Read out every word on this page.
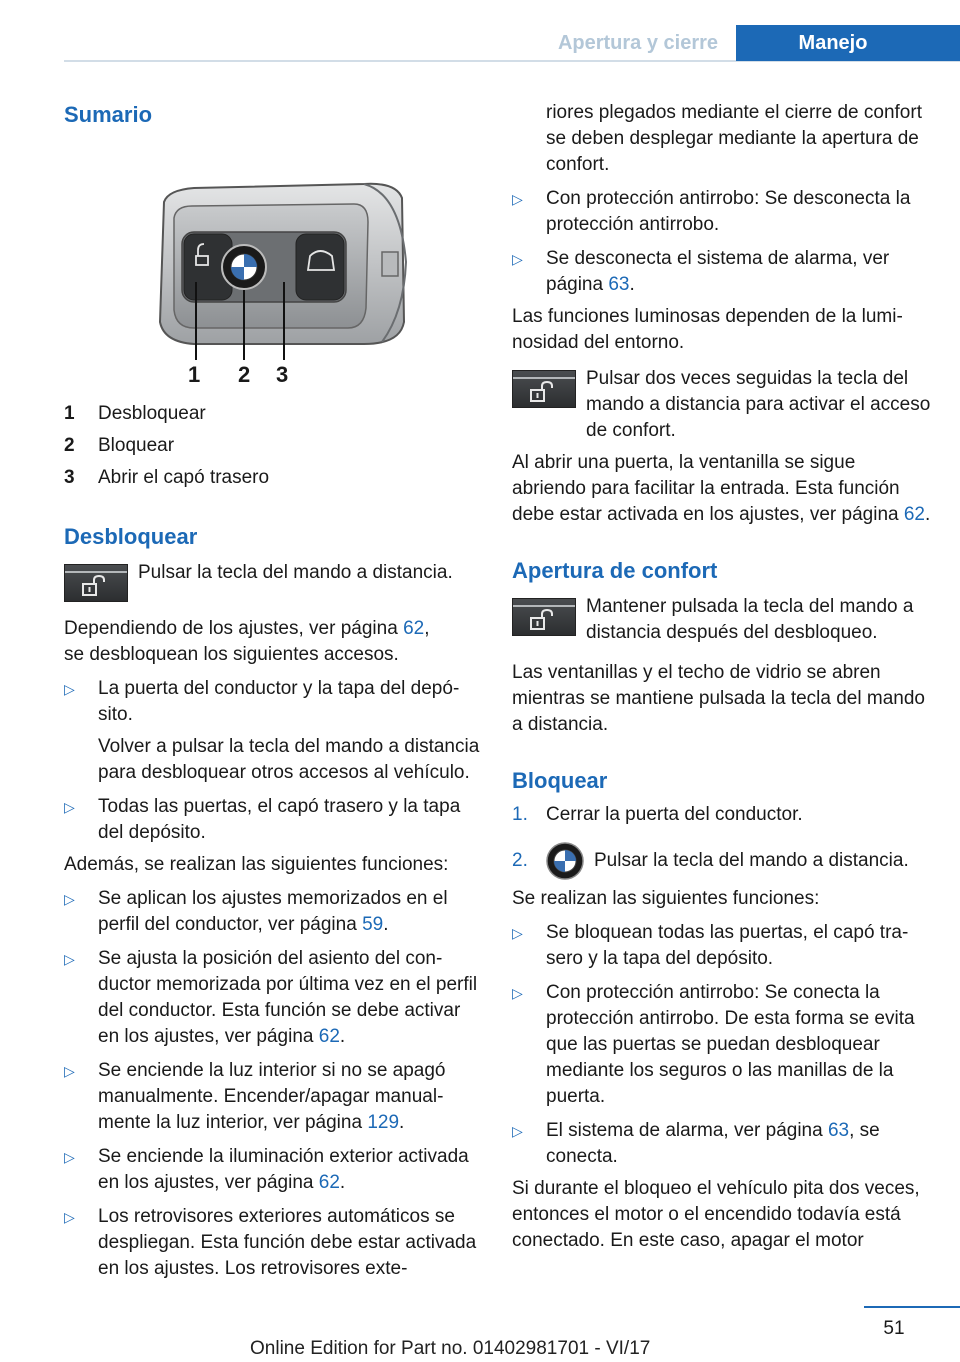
Apertura y cierre	Manejo
Sumario
1 2 3
1	Desbloquear
2	Bloquear
3	Abrir el capó trasero
Desbloquear

Pulsar la tecla del mando a distancia.

Dependiendo de los ajustes, ver página 62,
se desbloquean los siguientes accesos.

▷	La puerta del conductor y la tapa del depósito.

Volver a pulsar la tecla del mando a distancia para desbloquear otros accesos al vehículo.

▷	Todas las puertas, el capó trasero y la tapa del depósito.

Además, se realizan las siguientes funciones:

▷	Se aplican los ajustes memorizados en el perfil del conductor, ver página 59.

▷	Se ajusta la posición del asiento del conductor memorizada por última vez en el perfil del conductor. Esta función se debe activar en los ajustes, ver página 62.

▷	Se enciende la luz interior si no se apagó manualmente. Encender/apagar manualmente la luz interior, ver página 129.

▷	Se enciende la iluminación exterior activada en los ajustes, ver página 62.

▷	Los retrovisores exteriores automáticos se despliegan. Esta función debe estar activada en los ajustes. Los retrovisores exte-

riores plegados mediante el cierre de confort se deben desplegar mediante la apertura de confort.

▷	Con protección antirrobo: Se desconecta la protección antirrobo.

▷	Se desconecta el sistema de alarma, ver página 63.

Las funciones luminosas dependen de la luminosidad del entorno.

Pulsar dos veces seguidas la tecla del mando a distancia para activar el acceso de confort.

Al abrir una puerta, la ventanilla se sigue abriendo para facilitar la entrada. Esta función debe estar activada en los ajustes, ver página 62.

Apertura de confort

Mantener pulsada la tecla del mando a distancia después del desbloqueo.

Las ventanillas y el techo de vidrio se abren mientras se mantiene pulsada la tecla del mando a distancia.

Bloquear
1. Cerrar la puerta del conductor.

2.	Pulsar la tecla del mando a distancia.

Se realizan las siguientes funciones:

▷	Se bloquean todas las puertas, el capó trasero y la tapa del depósito.

▷	Con protección antirrobo: Se conecta la protección antirrobo. De esta forma se evita que las puertas se puedan desbloquear mediante los seguros o las manillas de la puerta.

▷	El sistema de alarma, ver página 63, se conecta.

Si durante el bloqueo el vehículo pita dos veces, entonces el motor o el encendido todavía está conectado. En este caso, apagar el motor

51
Online Edition for Part no. 01402981701 - VI/17
